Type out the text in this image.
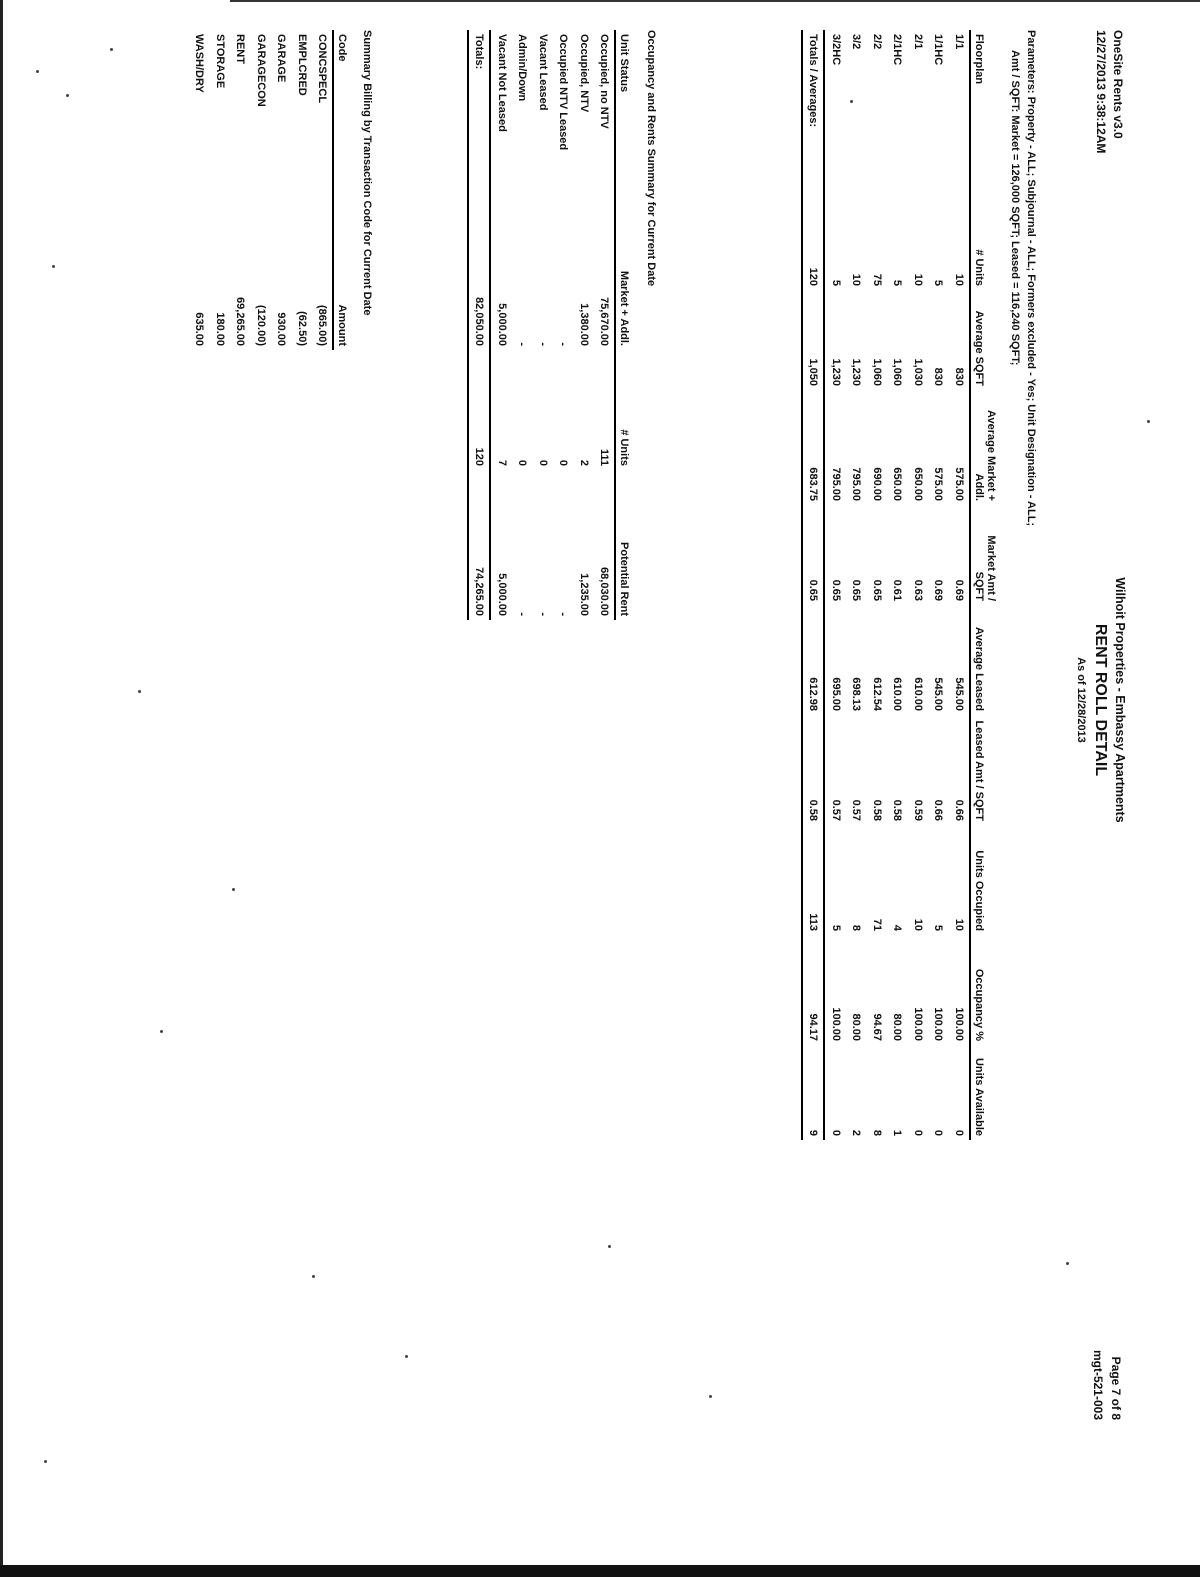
OneSite Rents v3.0
12/27/2013 9:38:12AM
Wilhoit Properties - Embassy Apartments
RENT ROLL DETAIL
As of 12/28/2013
Page 7 of 8
mgt-521-003
Parameters: Property - ALL; Subjournal - ALL; Formers excluded - Yes; Unit Designation - ALL;
Amt / SQFT: Market = 126,000 SQFT; Leased = 116,240 SQFT;
Floorplan	# Units	Average SQFT	Average Market + Addl.	Market Amt / SQFT	Average Leased	Leased Amt / SQFT	Units Occupied	Occupancy %	Units Available
1/1	10	830	575.00	0.69	545.00	0.66	10	100.00	0
1/1HC	5	830	575.00	0.69	545.00	0.66	5	100.00	0
2/1	10	1,030	650.00	0.63	610.00	0.59	10	100.00	0
2/1HC	5	1,060	650.00	0.61	610.00	0.58	4	80.00	1
2/2	75	1,060	690.00	0.65	612.54	0.58	71	94.67	8
3/2	10	1,230	795.00	0.65	698.13	0.57	8	80.00	2
3/2HC	5	1,230	795.00	0.65	695.00	0.57	5	100.00	0
Totals / Averages:	120	1,050	683.75	0.65	612.98	0.58	113	94.17	9
Occupancy and Rents Summary for Current Date
Unit Status	Market + Addl.	# Units	Potential Rent
Occupied, no NTV	75,670.00	111	68,030.00
Occupied, NTV	1,380.00	2	1,235.00
Occupied NTV Leased	-	0	-
Vacant Leased	-	0	-
Admin/Down	-	0	-
Vacant Not Leased	5,000.00	7	5,000.00
Totals:	82,050.00	120	74,265.00
Summary Billing by Transaction Code for Current Date
Code	Amount
CONCSPECL	(865.00)
EMPLCRED	(62.50)
GARAGE	930.00
GARAGECON	(120.00)
RENT	69,265.00
STORAGE	180.00
WASH/DRY	635.00
